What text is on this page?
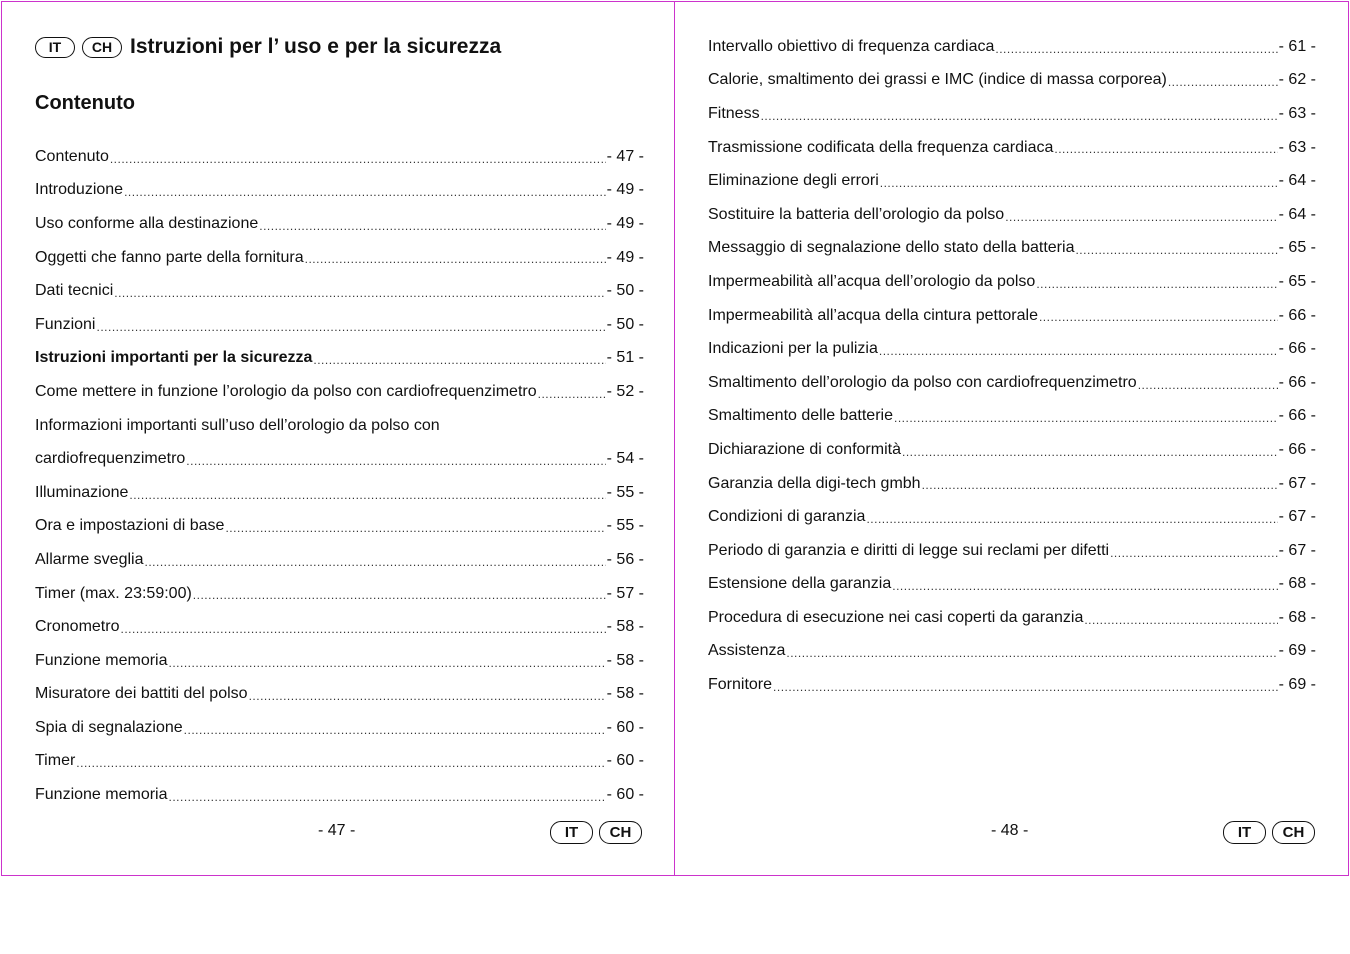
IT	CH Istruzioni per l’ uso e per la sicurezza
Contenuto
Contenuto .....	- 47 -
Introduzione .....	- 49 -
Uso conforme alla destinazione .....	- 49 -
Oggetti che fanno parte della fornitura .....	- 49 -
Dati tecnici .....	- 50 -
Funzioni .....	- 50 -
Istruzioni importanti per la sicurezza .....	- 51 -
Come mettere in funzione l’orologio da polso con cardiofrequenzimetro .....	- 52 -
Informazioni importanti sull’uso dell’orologio da polso con
cardiofrequenzimetro .....	- 54 -
Illuminazione .....	- 55 -
Ora e impostazioni di base .....	- 55 -
Allarme sveglia .....	- 56 -
Timer (max. 23:59:00) .....	- 57 -
Cronometro .....	- 58 -
Funzione memoria .....	- 58 -
Misuratore dei battiti del polso .....	- 58 -
Spia di segnalazione .....	- 60 -
Timer .....	- 60 -
Funzione memoria .....	- 60 -
- 47 -	IT	CH
Intervallo obiettivo di frequenza cardiaca .....	- 61 -
Calorie, smaltimento dei grassi e IMC (indice di massa corporea) .....	- 62 -
Fitness .....	- 63 -
Trasmissione codificata della frequenza cardiaca .....	- 63 -
Eliminazione degli errori .....	- 64 -
Sostituire la batteria dell’orologio da polso .....	- 64 -
Messaggio di segnalazione dello stato della batteria .....	- 65 -
Impermeabilità all’acqua dell’orologio da polso .....	- 65 -
Impermeabilità all’acqua della cintura pettorale .....	- 66 -
Indicazioni per la pulizia .....	- 66 -
Smaltimento dell’orologio da polso con cardiofrequenzimetro .....	- 66 -
Smaltimento delle batterie .....	- 66 -
Dichiarazione di conformità .....	- 66 -
Garanzia della digi-tech gmbh .....	- 67 -
Condizioni di garanzia .....	- 67 -
Periodo di garanzia e diritti di legge sui reclami per difetti .....	- 67 -
Estensione della garanzia .....	- 68 -
Procedura di esecuzione nei casi coperti da garanzia .....	- 68 -
Assistenza .....	- 69 -
Fornitore .....	- 69 -
- 48 -	IT	CH
